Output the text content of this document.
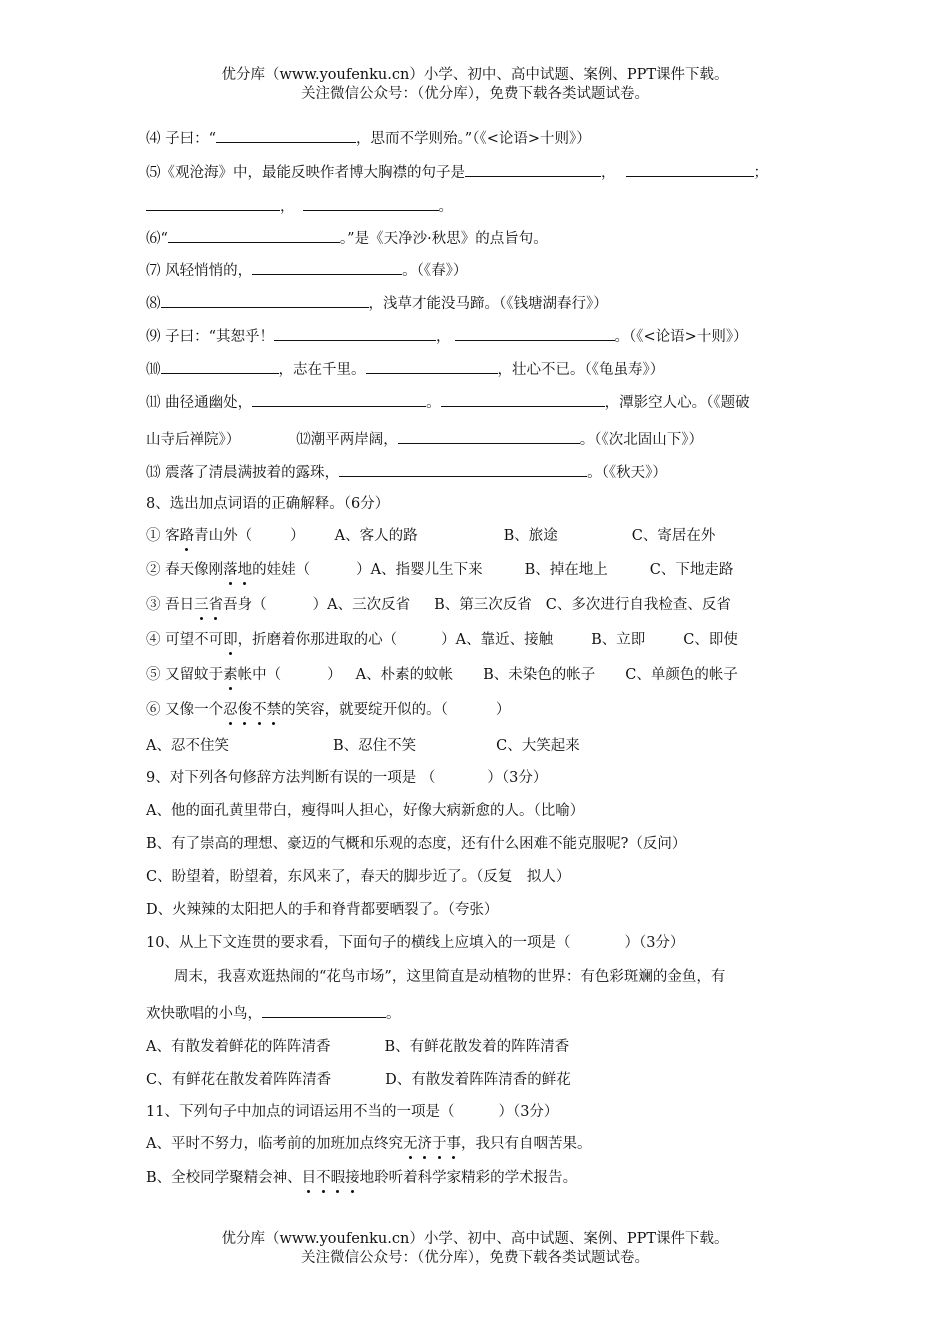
优分库（www.youfenku.cn）小学、初中、高中试题、案例、PPT课件下载。
关注微信公众号：（优分库），免费下载各类试题试卷。
⑷ 子曰：“	，思而不学则殆。”（《<论语>十则》）
⑸《观沧海》中，最能反映作者博大胸襟的句子是	，	；
，	。
⑹“	。”是《天净沙·秋思》的点旨句。
⑺ 风轻悄悄的，	。（《春》）
⑻	，浅草才能没马蹄。（《钱塘湖春行》）
⑼ 子曰：“其恕乎！	，	。（《<论语>十则》）
⑽	，志在千里。	，壮心不已。（《龟虽寿》）
⑾ 曲径通幽处，	。	，潭影空人心。（《题破
山寺后禅院》）	⑿潮平两岸阔，	。（《次北固山下》）
⒀ 震落了清晨满披着的露珠，	。（《秋天》）
8、选出加点词语的正确解释。（6分）
① 客路青山外（	） A、客人的路	B、旅途	C、寄居在外
② 春天像刚落地的娃娃（	）A、指婴儿生下来	B、掉在地上	C、下地走路
③ 吾日三省吾身（	）A、三次反省 B、第三次反省 C、多次进行自我检查、反省
④ 可望不可即，折磨着你那进取的心（	）A、靠近、接触	B、立即	C、即使
⑤ 又留蚊于素帐中（	） A、朴素的蚊帐 B、未染色的帐子 C、单颜色的帐子
⑥ 又像一个忍俊不禁的笑容，就要绽开似的。（	）
A、忍不住笑	B、忍住不笑	C、大笑起来
9、对下列各句修辞方法判断有误的一项是 （	）（3分）
A、他的面孔黄里带白，瘦得叫人担心，好像大病新愈的人。（比喻）
B、有了崇高的理想、豪迈的气概和乐观的态度，还有什么困难不能克服呢?（反问）
C、盼望着，盼望着，东风来了，春天的脚步近了。（反复　拟人）
D、火辣辣的太阳把人的手和脊背都要晒裂了。（夸张）
10、从上下文连贯的要求看，下面句子的横线上应填入的一项是（	）（3分）
周末，我喜欢逛热闹的“花鸟市场”，这里简直是动植物的世界：有色彩斑斓的金鱼，有
欢快歌唱的小鸟，	。
A、有散发着鲜花的阵阵清香	B、有鲜花散发着的阵阵清香
C、有鲜花在散发着阵阵清香	D、有散发着阵阵清香的鲜花
11、下列句子中加点的词语运用不当的一项是（	）（3分）
A、平时不努力，临考前的加班加点终究无济于事，我只有自咽苦果。
B、全校同学聚精会神、目不暇接地聆听着科学家精彩的学术报告。
优分库（www.youfenku.cn）小学、初中、高中试题、案例、PPT课件下载。
关注微信公众号：（优分库），免费下载各类试题试卷。
